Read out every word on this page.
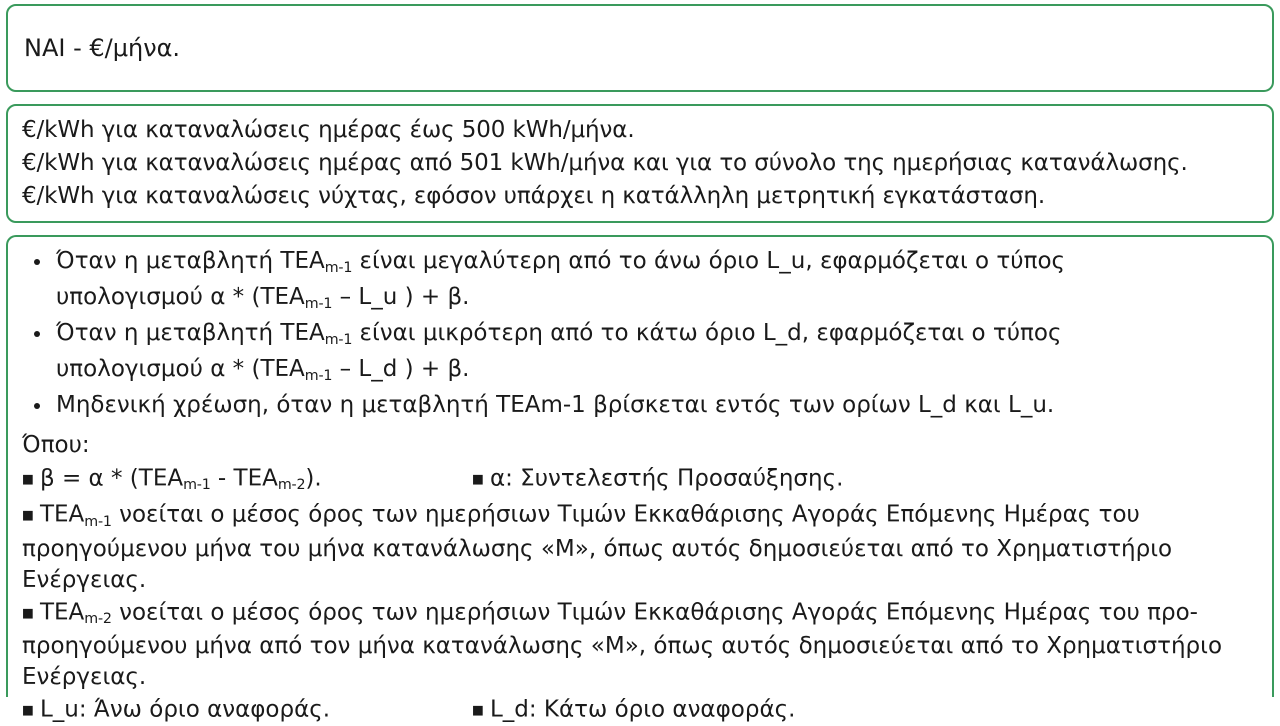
ΝΑΙ - €/μήνα.
€/kWh για καταναλώσεις ημέρας έως 500 kWh/μήνα.
€/kWh για καταναλώσεις ημέρας από 501 kWh/μήνα και για το σύνολο της ημερήσιας κατανάλωσης.
€/kWh για καταναλώσεις νύχτας, εφόσον υπάρχει η κατάλληλη μετρητική εγκατάσταση.
Όταν η μεταβλητή $TEA_{m-1}$ είναι μεγαλύτερη από το άνω όριο L_u, εφαρμόζεται ο τύπος
υπολογισμού α * ($TEA_{m-1}$ – L_u ) + β.
Όταν η μεταβλητή $TEA_{m-1}$ είναι μικρότερη από το κάτω όριο L_d, εφαρμόζεται ο τύπος
υπολογισμού α * ($TEA_{m-1}$ – L_d ) + β.
Μηδενική χρέωση, όταν η μεταβλητή ΤΕΑm-1 βρίσκεται εντός των ορίων L_d και L_u.
Όπου:
■ $\beta = \alpha * (TEA_{m-1} - TEA_{m-2})$.	■ α: Συντελεστής Προσαύξησης.
■ $TEA_{m-1}$ νοείται ο μέσος όρος των ημερήσιων Τιμών Εκκαθάρισης Αγοράς Επόμενης Ημέρας του προηγούμενου μήνα του μήνα κατανάλωσης «Μ», όπως αυτός δημοσιεύεται από το Χρηματιστήριο Ενέργειας.
■ $TEA_{m-2}$ νοείται ο μέσος όρος των ημερήσιων Τιμών Εκκαθάρισης Αγοράς Επόμενης Ημέρας του προ-προηγούμενου μήνα από τον μήνα κατανάλωσης «Μ», όπως αυτός δημοσιεύεται από το Χρηματιστήριο Ενέργειας.
■ L_u: Άνω όριο αναφοράς.	■ L_d: Κάτω όριο αναφοράς.
